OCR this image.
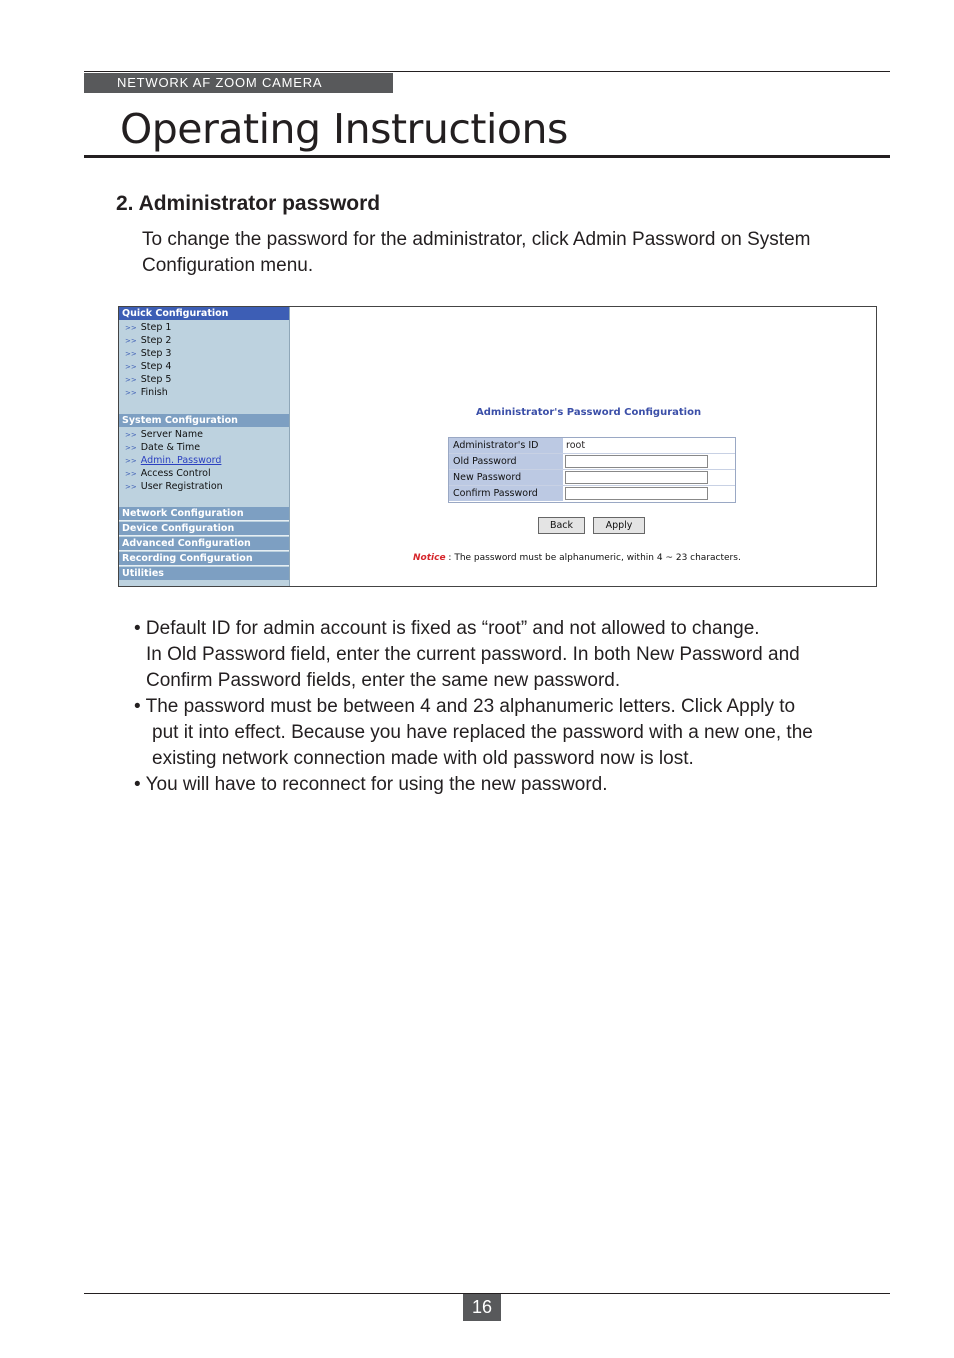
NETWORK AF ZOOM CAMERA
Operating Instructions
2. Administrator password
To change the password for the administrator, click Admin Password on System
Configuration menu.
Quick Configuration
>> Step 1
>> Step 2
>> Step 3
>> Step 4
>> Step 5
>> Finish
System Configuration
>> Server Name
>> Date & Time
>> Admin. Password
>> Access Control
>> User Registration
Network Configuration
Device Configuration
Advanced Configuration
Recording Configuration
Utilities
Administrator's Password Configuration
Administrator's ID	root
Old Password
New Password
Confirm Password
Back	Apply
Notice : The password must be alphanumeric, within 4 ~ 23 characters.
• Default ID for admin account is fixed as “root” and not allowed to change.
In Old Password field, enter the current password. In both New Password and
Confirm Password fields, enter the same new password.
• The password must be between 4 and 23 alphanumeric letters. Click Apply to
put it into effect. Because you have replaced the password with a new one, the
existing network connection made with old password now is lost.
• You will have to reconnect for using the new password.
16
